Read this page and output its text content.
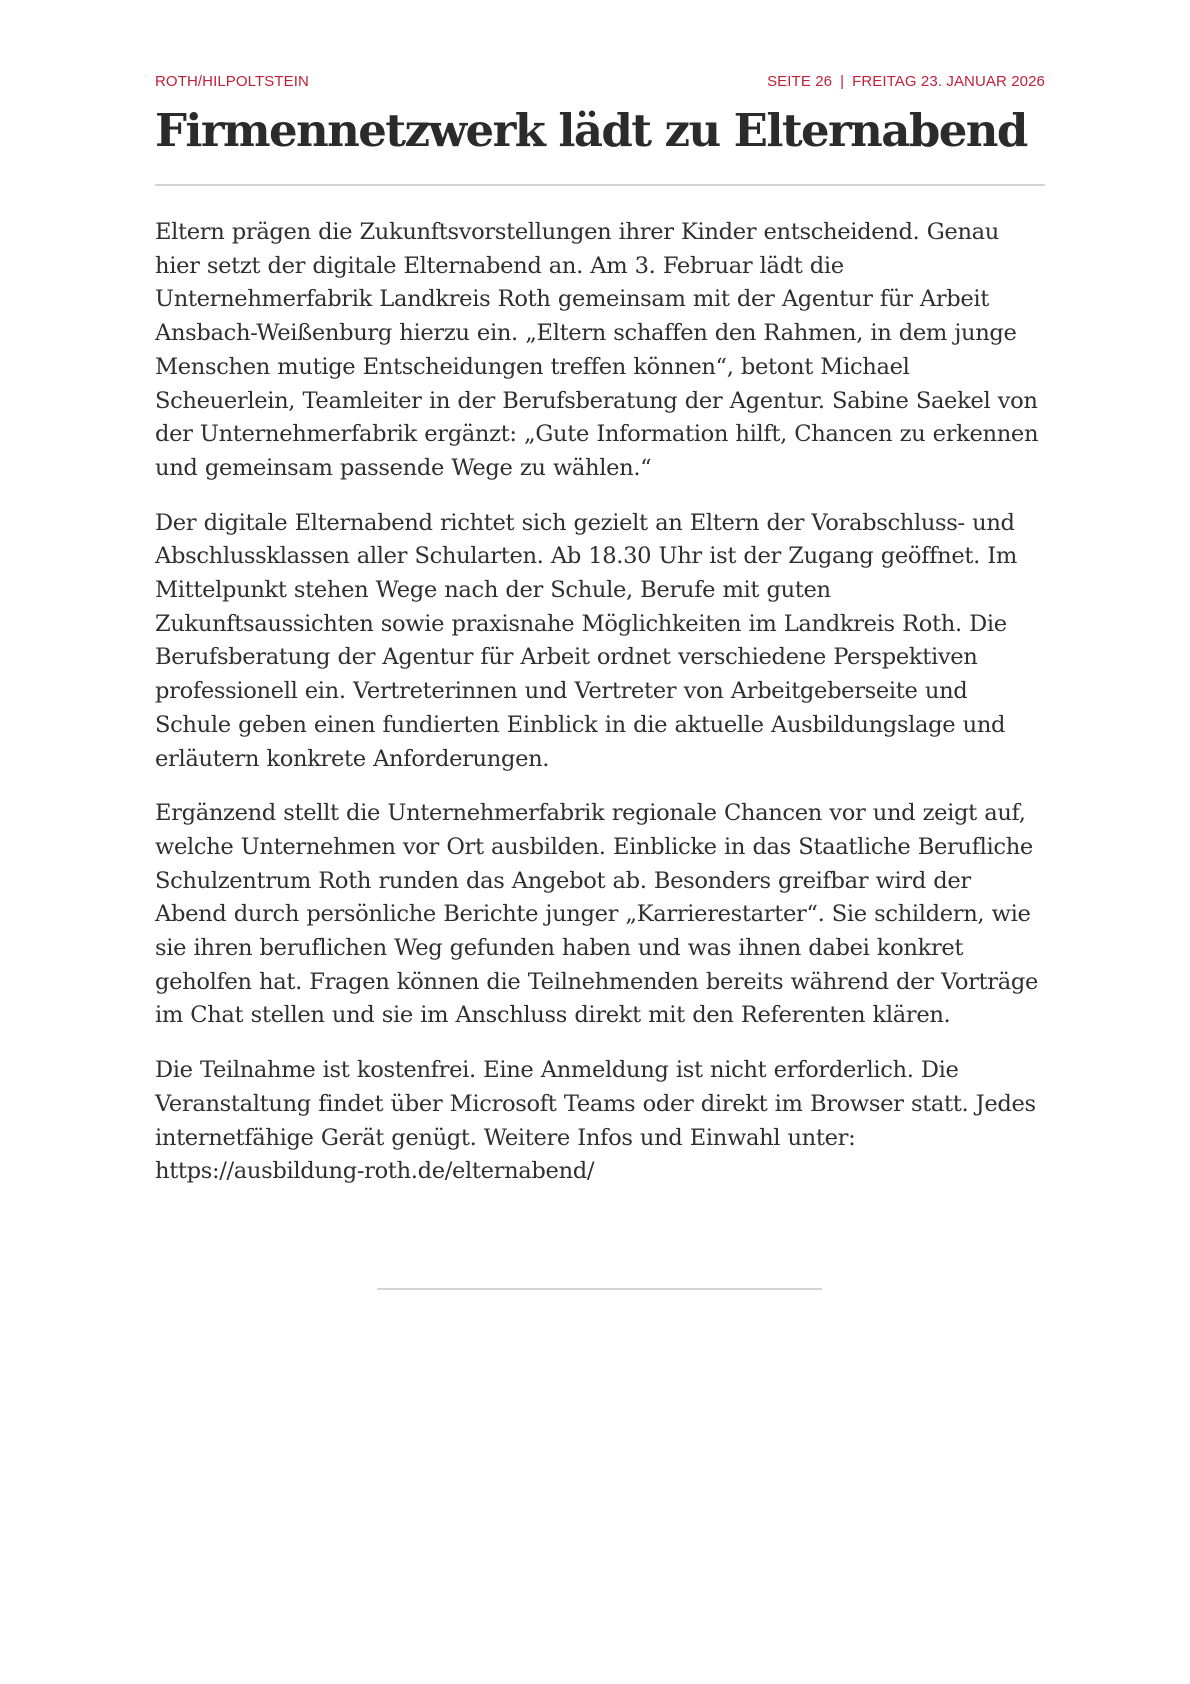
ROTH/HILPOLTSTEIN	SEITE 26 | FREITAG 23. JANUAR 2026
Firmennetzwerk lädt zu Elternabend

Eltern prägen die Zukunftsvorstellungen ihrer Kinder entscheidend. Genau hier setzt der digitale Elternabend an. Am 3. Februar lädt die Unternehmerfabrik Landkreis Roth gemeinsam mit der Agentur für Arbeit Ansbach-Weißenburg hierzu ein. „Eltern schaffen den Rahmen, in dem junge Menschen mutige Entscheidungen treffen können“, betont Michael Scheuerlein, Teamleiter in der Berufsberatung der Agentur. Sabine Saekel von der Unternehmerfabrik ergänzt: „Gute Information hilft, Chancen zu erkennen und gemeinsam passende Wege zu wählen.“

Der digitale Elternabend richtet sich gezielt an Eltern der Vorabschluss- und Abschlussklassen aller Schularten. Ab 18.30 Uhr ist der Zugang geöffnet. Im Mittelpunkt stehen Wege nach der Schule, Berufe mit guten Zukunftsaussichten sowie praxisnahe Möglichkeiten im Landkreis Roth. Die Berufsberatung der Agentur für Arbeit ordnet verschiedene Perspektiven professionell ein. Vertreterinnen und Vertreter von Arbeitgeberseite und Schule geben einen fundierten Einblick in die aktuelle Ausbildungslage und erläutern konkrete Anforderungen.

Ergänzend stellt die Unternehmerfabrik regionale Chancen vor und zeigt auf, welche Unternehmen vor Ort ausbilden. Einblicke in das Staatliche Berufliche Schulzentrum Roth runden das Angebot ab. Besonders greifbar wird der Abend durch persönliche Berichte junger „Karrierestarter“. Sie schildern, wie sie ihren beruflichen Weg gefunden haben und was ihnen dabei konkret geholfen hat. Fragen können die Teilnehmenden bereits während der Vorträge im Chat stellen und sie im Anschluss direkt mit den Referenten klären.

Die Teilnahme ist kostenfrei. Eine Anmeldung ist nicht erforderlich. Die Veranstaltung findet über Microsoft Teams oder direkt im Browser statt. Jedes internetfähige Gerät genügt. Weitere Infos und Einwahl unter: https://ausbildung-roth.de/elternabend/
